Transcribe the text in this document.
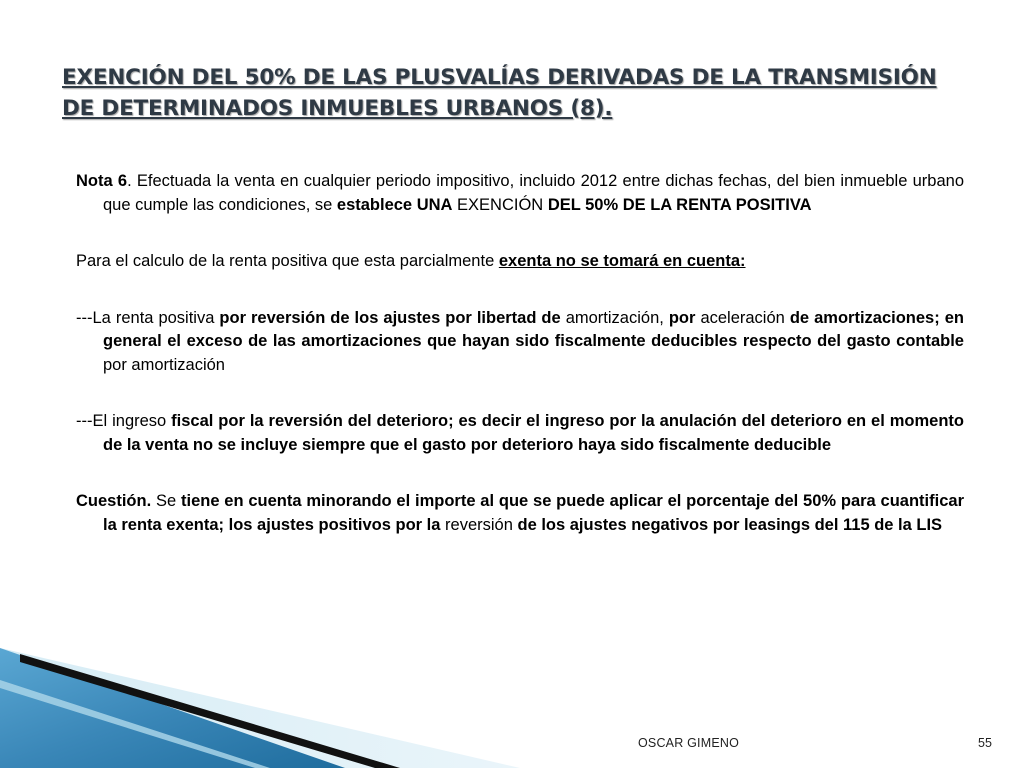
EXENCIÓN DEL 50% DE LAS PLUSVALÍAS DERIVADAS DE LA TRANSMISIÓN DE DETERMINADOS INMUEBLES URBANOS (8).

Nota 6. Efectuada la venta en cualquier periodo impositivo, incluido 2012 entre dichas fechas, del bien inmueble urbano que cumple las condiciones, se establece UNA EXENCIÓN DEL 50% DE LA RENTA POSITIVA

Para el calculo de la renta positiva que esta parcialmente exenta no se tomará en cuenta:

---La renta positiva por reversión de los ajustes por libertad de amortización, por aceleración de amortizaciones; en general el exceso de las amortizaciones que hayan sido fiscalmente deducibles respecto del gasto contable por amortización

---El ingreso fiscal por la reversión del deterioro; es decir el ingreso por la anulación del deterioro en el momento de la venta no se incluye siempre que el gasto por deterioro haya sido fiscalmente deducible

Cuestión. Se tiene en cuenta minorando el importe al que se puede aplicar el porcentaje del 50% para cuantificar la renta exenta; los ajustes positivos por la reversión de los ajustes negativos por leasings del 115 de la LIS

OSCAR GIMENO	55
